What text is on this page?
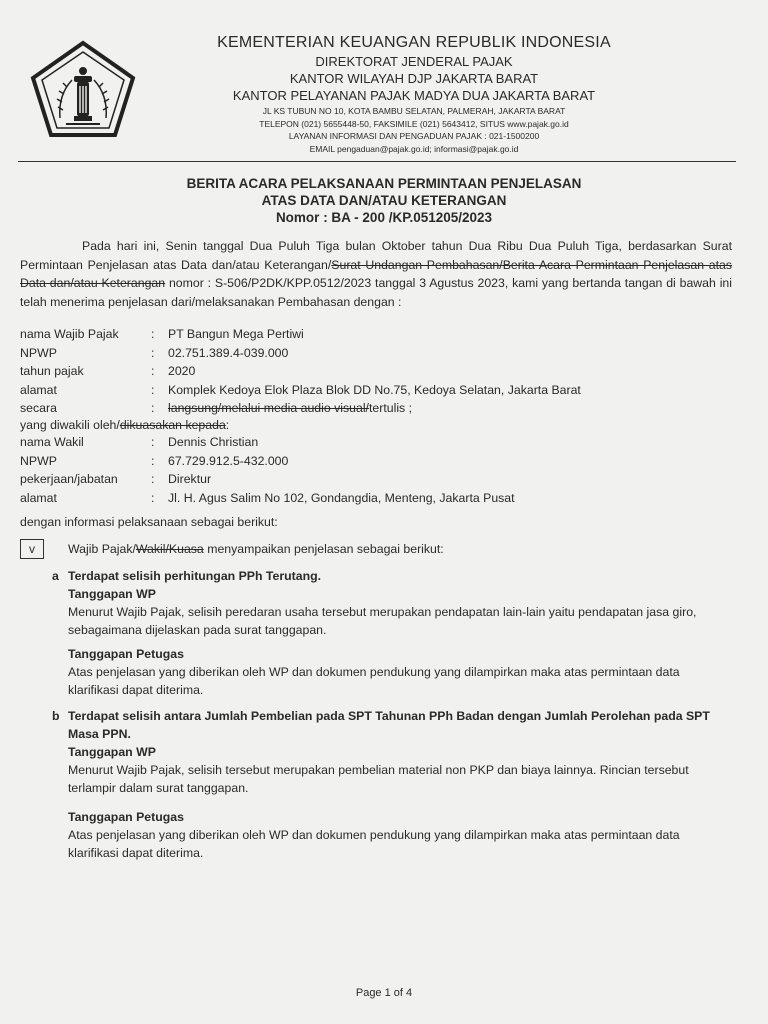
KEMENTERIAN KEUANGAN REPUBLIK INDONESIA
DIREKTORAT JENDERAL PAJAK
KANTOR WILAYAH DJP JAKARTA BARAT
KANTOR PELAYANAN PAJAK MADYA DUA JAKARTA BARAT
JL KS TUBUN NO 10, KOTA BAMBU SELATAN, PALMERAH, JAKARTA BARAT
TELEPON (021) 5655448-50, FAKSIMILE (021) 5643412, SITUS www.pajak.go.id
LAYANAN INFORMASI DAN PENGADUAN PAJAK : 021-1500200
EMAIL pengaduan@pajak.go.id; informasi@pajak.go.id
BERITA ACARA PELAKSANAAN PERMINTAAN PENJELASAN
ATAS DATA DAN/ATAU KETERANGAN
Nomor : BA - 200 /KP.051205/2023
Pada hari ini, Senin tanggal Dua Puluh Tiga bulan Oktober tahun Dua Ribu Dua Puluh Tiga, berdasarkan Surat Permintaan Penjelasan atas Data dan/atau Keterangan/Surat Undangan Pembahasan/Berita Acara Permintaan Penjelasan atas Data dan/atau Keterangan nomor : S-506/P2DK/KPP.0512/2023 tanggal 3 Agustus 2023, kami yang bertanda tangan di bawah ini telah menerima penjelasan dari/melaksanakan Pembahasan dengan :
nama Wajib Pajak	: PT Bangun Mega Pertiwi
NPWP	: 02.751.389.4-039.000
tahun pajak	: 2020
alamat	: Komplek Kedoya Elok Plaza Blok DD No.75, Kedoya Selatan, Jakarta Barat
secara	: langsung/melalui media audio visual/tertulis ;
yang diwakili oleh/dikuasakan kepada:
nama Wakil	: Dennis Christian
NPWP	: 67.729.912.5-432.000
pekerjaan/jabatan	: Direktur
alamat	: Jl. H. Agus Salim No 102, Gondangdia, Menteng, Jakarta Pusat
dengan informasi pelaksanaan sebagai berikut:
v	Wajib Pajak/Wakil/Kuasa menyampaikan penjelasan sebagai berikut:
a Terdapat selisih perhitungan PPh Terutang.
Tanggapan WP
Menurut Wajib Pajak, selisih peredaran usaha tersebut merupakan pendapatan lain-lain yaitu pendapatan jasa giro, sebagaimana dijelaskan pada surat tanggapan.
Tanggapan Petugas
Atas penjelasan yang diberikan oleh WP dan dokumen pendukung yang dilampirkan maka atas permintaan data klarifikasi dapat diterima.
b Terdapat selisih antara Jumlah Pembelian pada SPT Tahunan PPh Badan dengan Jumlah Perolehan pada SPT Masa PPN.
Tanggapan WP
Menurut Wajib Pajak, selisih tersebut merupakan pembelian material non PKP dan biaya lainnya. Rincian tersebut terlampir dalam surat tanggapan.
Tanggapan Petugas
Atas penjelasan yang diberikan oleh WP dan dokumen pendukung yang dilampirkan maka atas permintaan data klarifikasi dapat diterima.
Page 1 of 4
